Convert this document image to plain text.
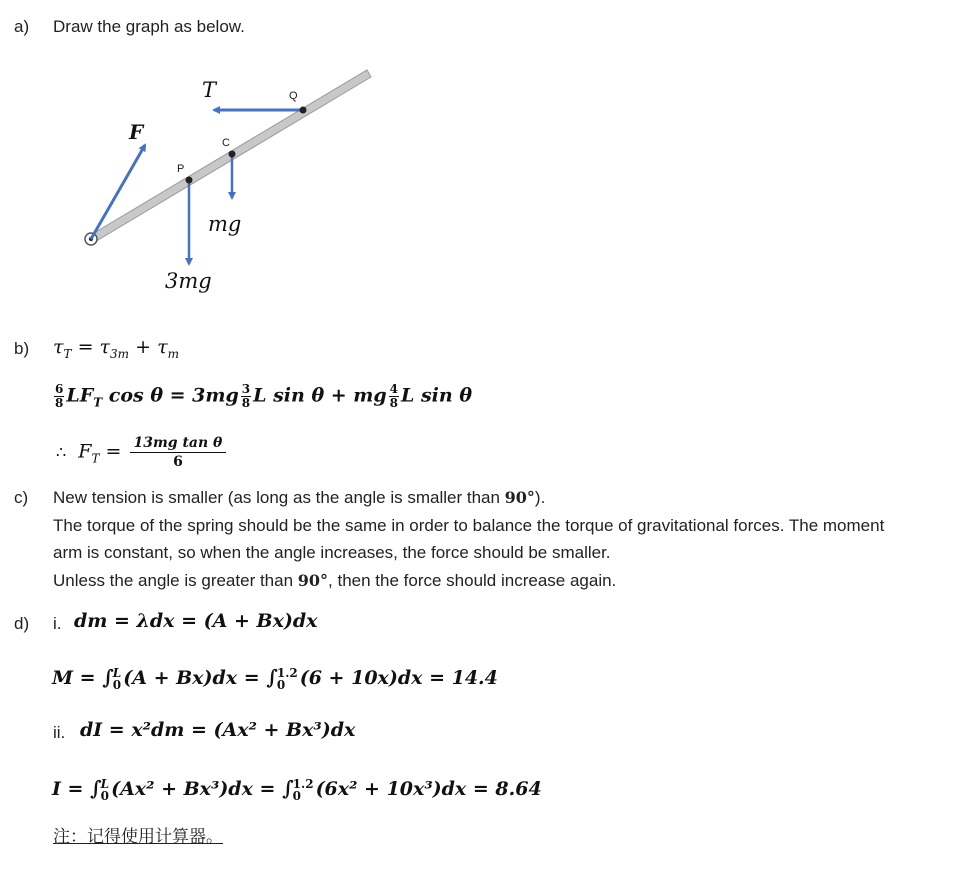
a) Draw the graph as below.
F
T	Q
C
P
mg
3mg
b) $\tau_T = \tau_{3m} + \tau_m$
$\frac{6}{8} LF_T$ $\cos \theta = 3mg \frac{3}{8}$ L sin θ + mg $\frac{4}{8}$ L sin θ
∴ $F_T = \frac{\text{13mg tan θ}}{6}$
c) New tension is smaller (as long as the angle is smaller than 90°).
The torque of the spring should be the same in order to balance the torque of gravitational forces. The moment
arm is constant, so when the angle increases, the force should be smaller.
Unless the angle is greater than 90°, then the force should increase again.
d) i. dm = λdx = (A + Bx)dx
M = ∫ L
0 (A + Bx)dx = ∫ 1.2
0 (6 + 10x)dx = 14.4
ii. dI = x²dm = (Ax² + Bx³)dx
I = ∫ L
0 (Ax² + Bx³)dx = ∫ 1.2
0 (6x² + 10x³)dx = 8.64
注：记得使用计算器。
